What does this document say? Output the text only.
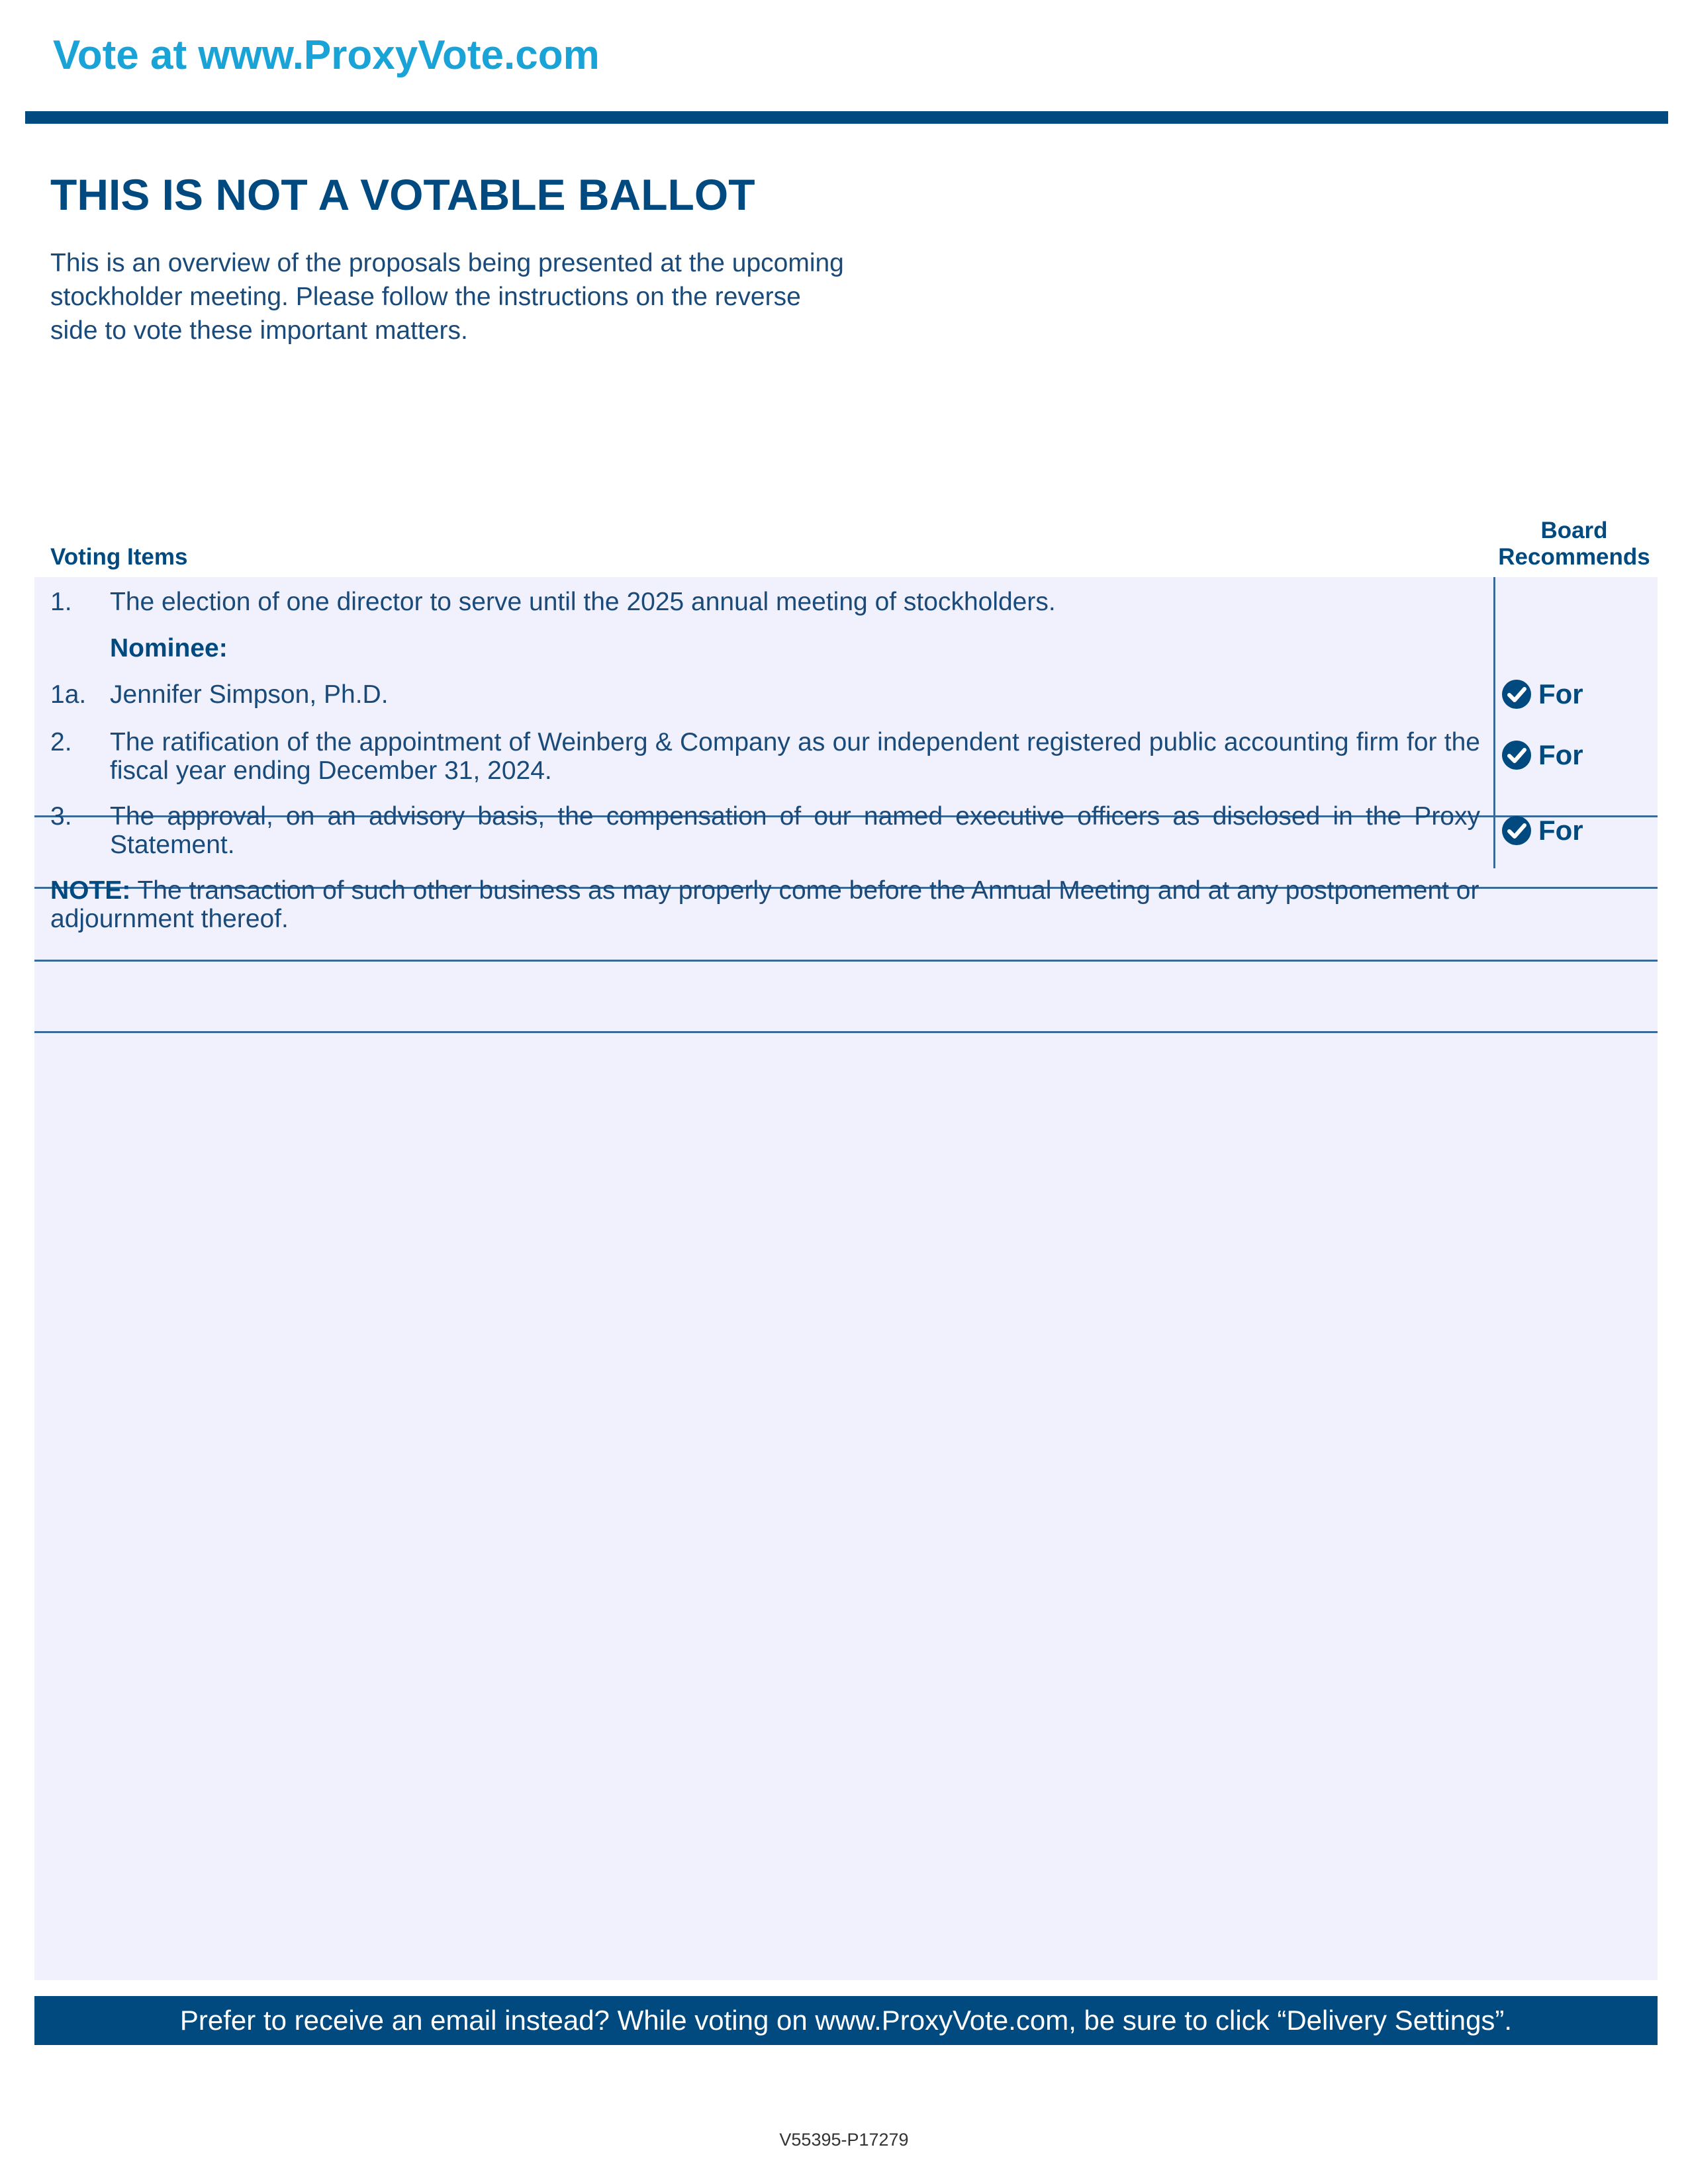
Vote at www.ProxyVote.com
THIS IS NOT A VOTABLE BALLOT
This is an overview of the proposals being presented at the upcoming stockholder meeting. Please follow the instructions on the reverse side to vote these important matters.
Voting Items
Board
Recommends
1. The election of one director to serve until the 2025 annual meeting of stockholders.
Nominee:
1a. Jennifer Simpson, Ph.D.	For
2. The ratification of the appointment of Weinberg & Company as our independent registered public accounting firm for the fiscal year ending December 31, 2024.
For
3. The approval, on an advisory basis, the compensation of our named executive officers as disclosed in the Proxy Statement.	For
NOTE: The transaction of such other business as may properly come before the Annual Meeting and at any postponement or adjournment thereof.
Prefer to receive an email instead? While voting on www.ProxyVote.com, be sure to click “Delivery Settings”.
V55395-P17279
